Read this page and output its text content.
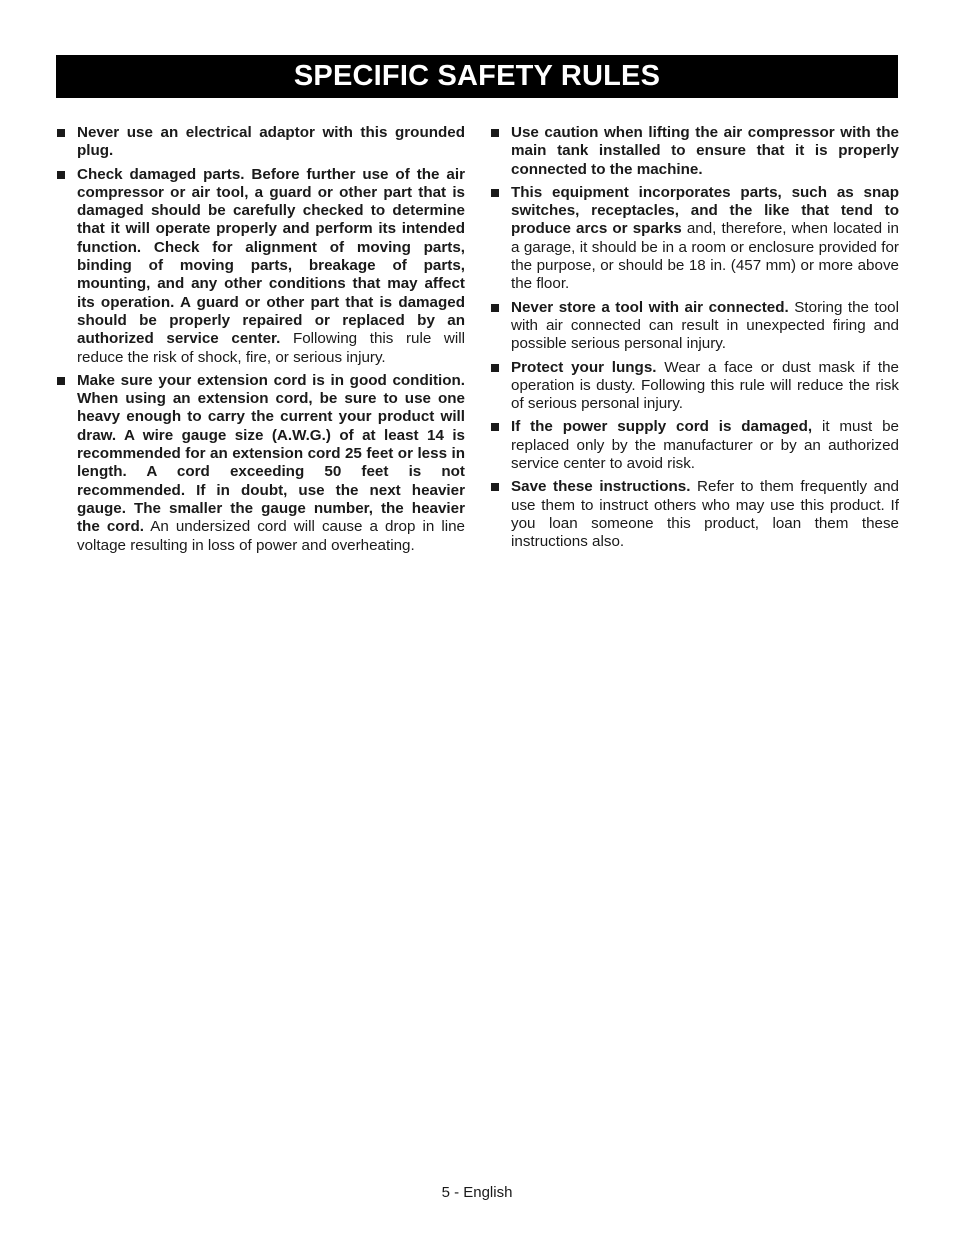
SPECIFIC SAFETY RULES
Never use an electrical adaptor with this grounded plug.
Check damaged parts. Before further use of the air compressor or air tool, a guard or other part that is damaged should be carefully checked to determine that it will operate properly and perform its intended function. Check for alignment of moving parts, binding of moving parts, breakage of parts, mounting, and any other conditions that may affect its operation. A guard or other part that is damaged should be properly repaired or replaced by an authorized service center. Following this rule will reduce the risk of shock, fire, or serious injury.
Make sure your extension cord is in good condition. When using an extension cord, be sure to use one heavy enough to carry the current your product will draw. A wire gauge size (A.W.G.) of at least 14 is recommended for an extension cord 25 feet or less in length. A cord exceeding 50 feet is not recommended. If in doubt, use the next heavier gauge. The smaller the gauge number, the heavier the cord. An undersized cord will cause a drop in line voltage resulting in loss of power and overheating.
Use caution when lifting the air compressor with the main tank installed to ensure that it is properly connected to the machine.
This equipment incorporates parts, such as snap switches, receptacles, and the like that tend to produce arcs or sparks and, therefore, when located in a garage, it should be in a room or enclosure provided for the purpose, or should be 18 in. (457 mm) or more above the floor.
Never store a tool with air connected. Storing the tool with air connected can result in unexpected firing and possible serious personal injury.
Protect your lungs. Wear a face or dust mask if the operation is dusty. Following this rule will reduce the risk of serious personal injury.
If the power supply cord is damaged, it must be replaced only by the manufacturer or by an authorized service center to avoid risk.
Save these instructions. Refer to them frequently and use them to instruct others who may use this product. If you loan someone this product, loan them these instructions also.
5 - English
